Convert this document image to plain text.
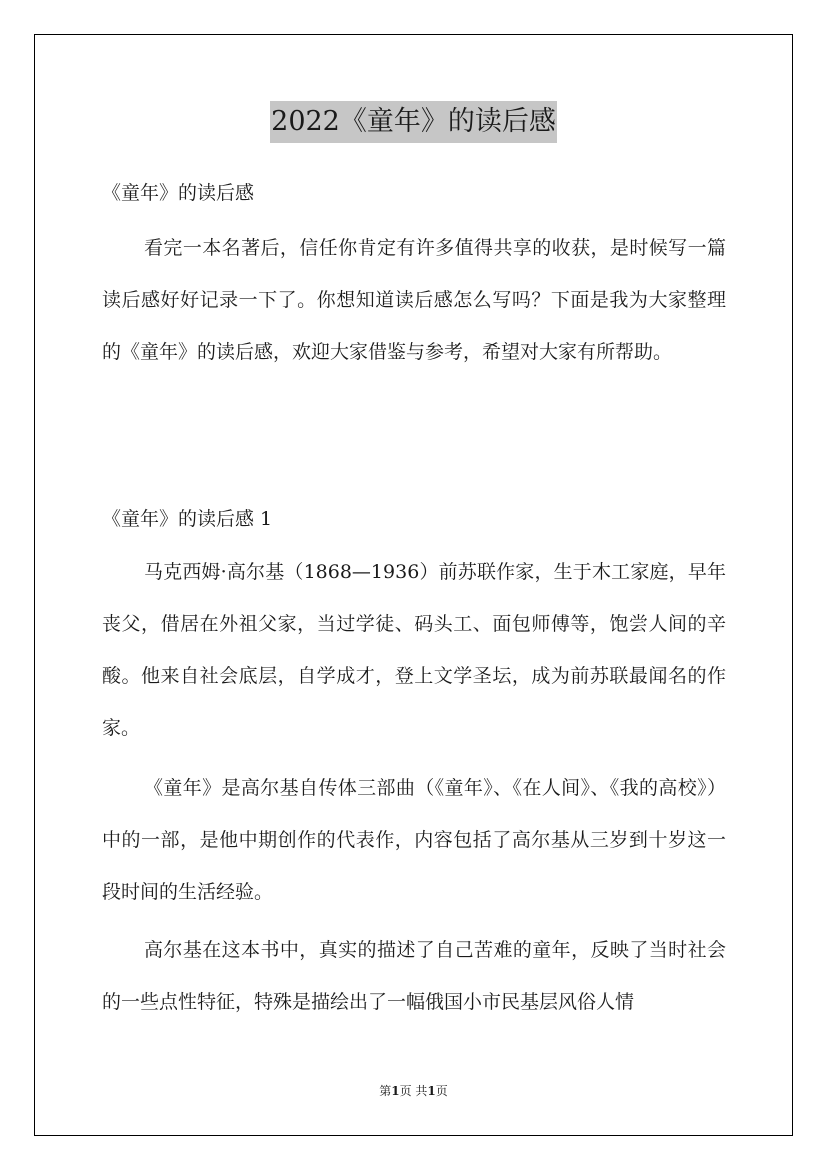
2022《童年》的读后感

《童年》的读后感

看完一本名著后，信任你肯定有许多值得共享的收获，是时候写一篇读后感好好记录一下了。你想知道读后感怎么写吗？下面是我为大家整理的《童年》的读后感，欢迎大家借鉴与参考，希望对大家有所帮助。

《童年》的读后感 1

马克西姆·高尔基（1868—1936）前苏联作家，生于木工家庭，早年丧父，借居在外祖父家，当过学徒、码头工、面包师傅等，饱尝人间的辛酸。他来自社会底层，自学成才，登上文学圣坛，成为前苏联最闻名的作家。

《童年》是高尔基自传体三部曲（《童年》、《在人间》、《我的高校》）中的一部，是他中期创作的代表作，内容包括了高尔基从三岁到十岁这一段时间的生活经验。

高尔基在这本书中，真实的描述了自己苦难的童年，反映了当时社会的一些点性特征，特殊是描绘出了一幅俄国小市民基层风俗人情

第1页 共1页
